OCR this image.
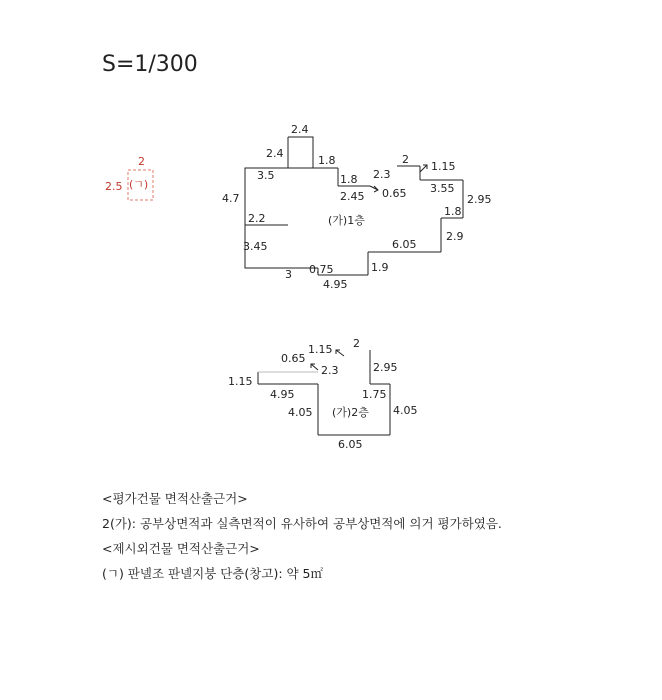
S=1/300
2
2.5 (ㄱ)
(가)1층
2.4
2.4
1.8
3.5
4.7
1.8 2.3
2
1.15
2.45 0.65 3.55
2.95
1.8
2.2
2.9
6.05
3.45
3 0.75	1.9
4.95
(가)2층
2
1.15
0.65
2.3	2.95
1.15
4.95	1.75
4.05	4.05
6.05
<평가건물 면적산출근거>
2(가): 공부상면적과 실측면적이 유사하여 공부상면적에 의거 평가하였음.
<제시외건물 면적산출근거>
(ㄱ) 판넬조 판넬지붕 단층(창고): 약 5㎡
